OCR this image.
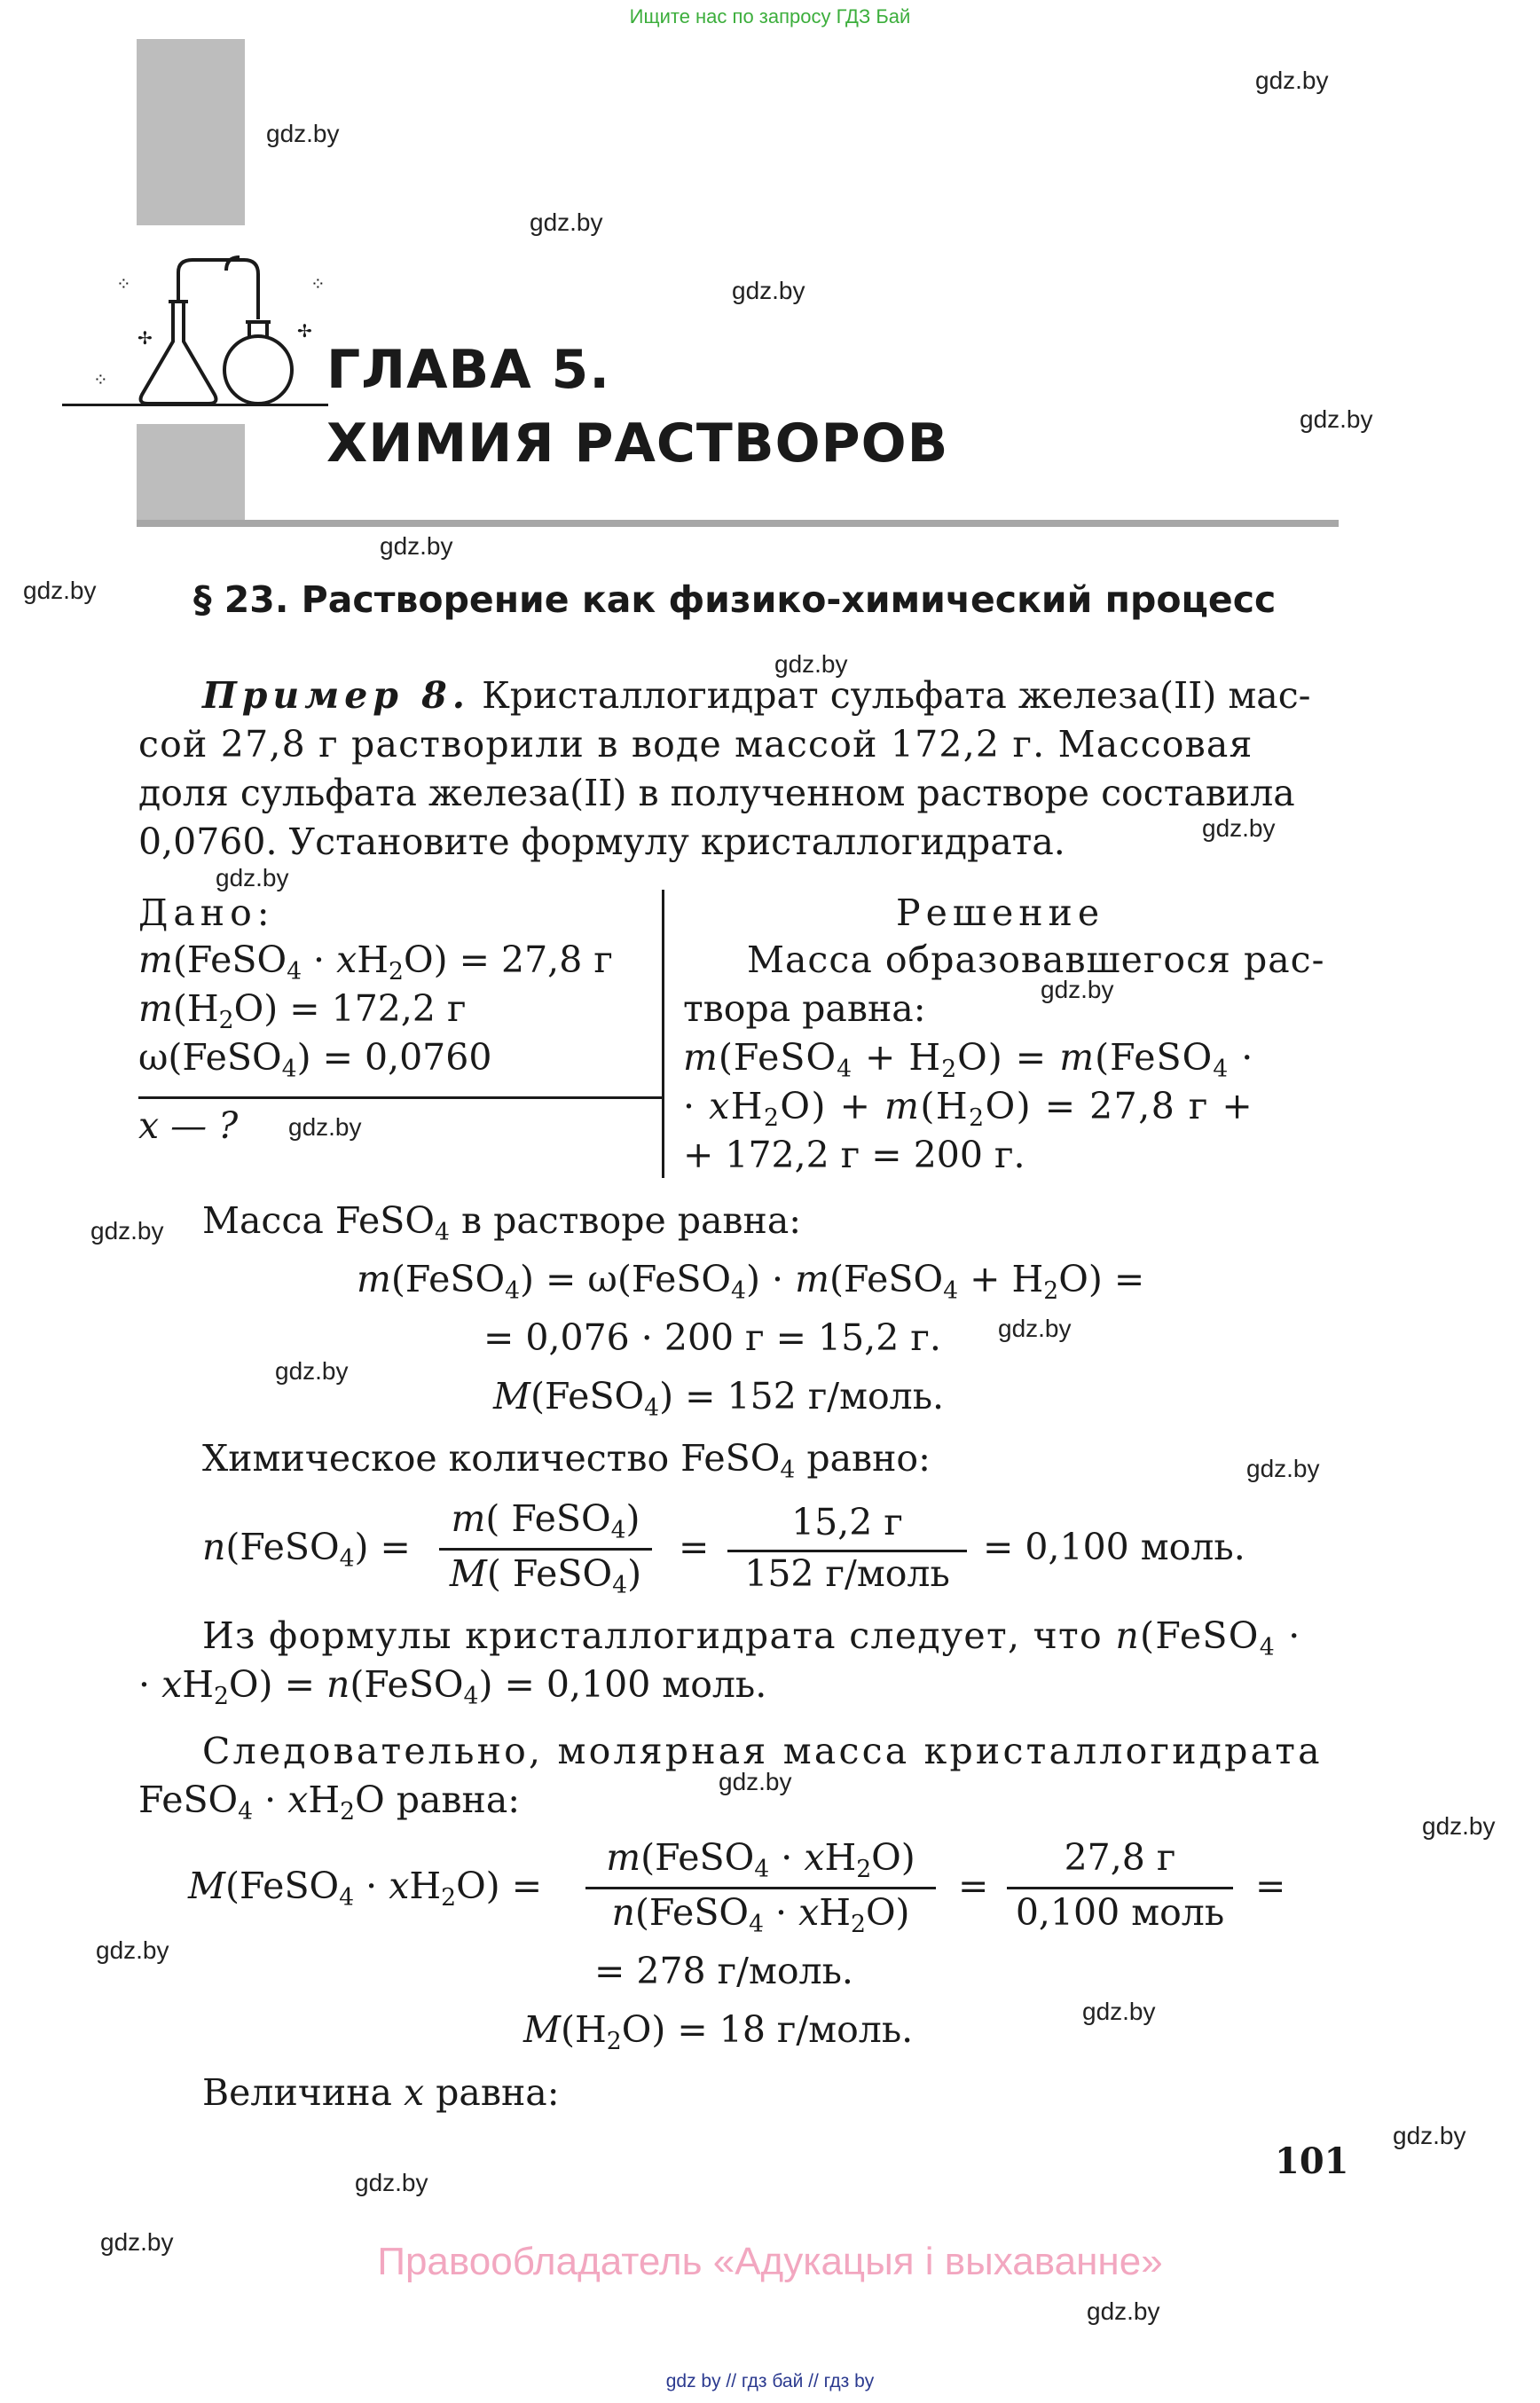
Ищите нас по запросу ГДЗ Бай
⁘	⁘
✢	✢
⁘	ГЛАВА 5.
ХИМИЯ РАСТВОРОВ
§ 23. Растворение как физико-химический процесс
Пример 8. Кристаллогидрат сульфата железа(II) мас-
сой 27,8 г растворили в воде массой 172,2 г. Массовая
доля сульфата железа(II) в полученном растворе составила
0,0760. Установите формулу кристаллогидрата.
Дано:
m(FeSO$_4$ · $xH_2O) = 27,8$ г
$m(H_2O) = 172,2$ г
ω(FeSO$_4$) = 0,0760
x — ?
Решение
Масса образовавшегося рас-
твора равна:
m(FeSO$_4$ + $H_2O$) = m(FeSO$_4$ ·
· $xH_2O) + m(H_2O) = 27,8$ г +
+ 172,2 г = 200 г.
Масса FeSO$_4$ в растворе равна:
m(FeSO$_4$) = ω(FeSO$_4$) · m(FeSO$_4$ + $H_2O$) =
= 0,076 · 200 г = 15,2 г.
M(FeSO$_4$) = 152 г/моль.
Химическое количество FeSO$_4$ равно:
n(FeSO$_4$) =
m( FeSO$_4$)
M( FeSO$_4$)
=
15,2 г
152 г/моль
= 0,100 моль.
Из формулы кристаллогидрата следует, что n(FeSO$_4$ ·
· $xH_2O$) = n(FeSO$_4$) = 0,100 моль.
Следовательно, молярная масса кристаллогидрата
FeSO$_4$ · $xH_2O$ равна:
M(FeSO$_4$ · $xH_2O$) =
m(FeSO$_4$ · $xH_2O$)
n(FeSO$_4$ · $xH_2O$)
=
27,8 г
0,100 моль
=
= 278 г/моль.
$M(H_2O) = 18$ г/моль.
Величина x равна:
101
Правообладатель «Адукацыя і выхаванне»
gdz by // гдз бай // гдз by
gdz.by
gdz.by
gdz.by
gdz.by
gdz.by
gdz.by
gdz.by
gdz.by
gdz.by
gdz.by
gdz.by
gdz.by
gdz.by
gdz.by
gdz.by
gdz.by
gdz.by
gdz.by
gdz.by
gdz.by
gdz.by
gdz.by
gdz.by
gdz.by
